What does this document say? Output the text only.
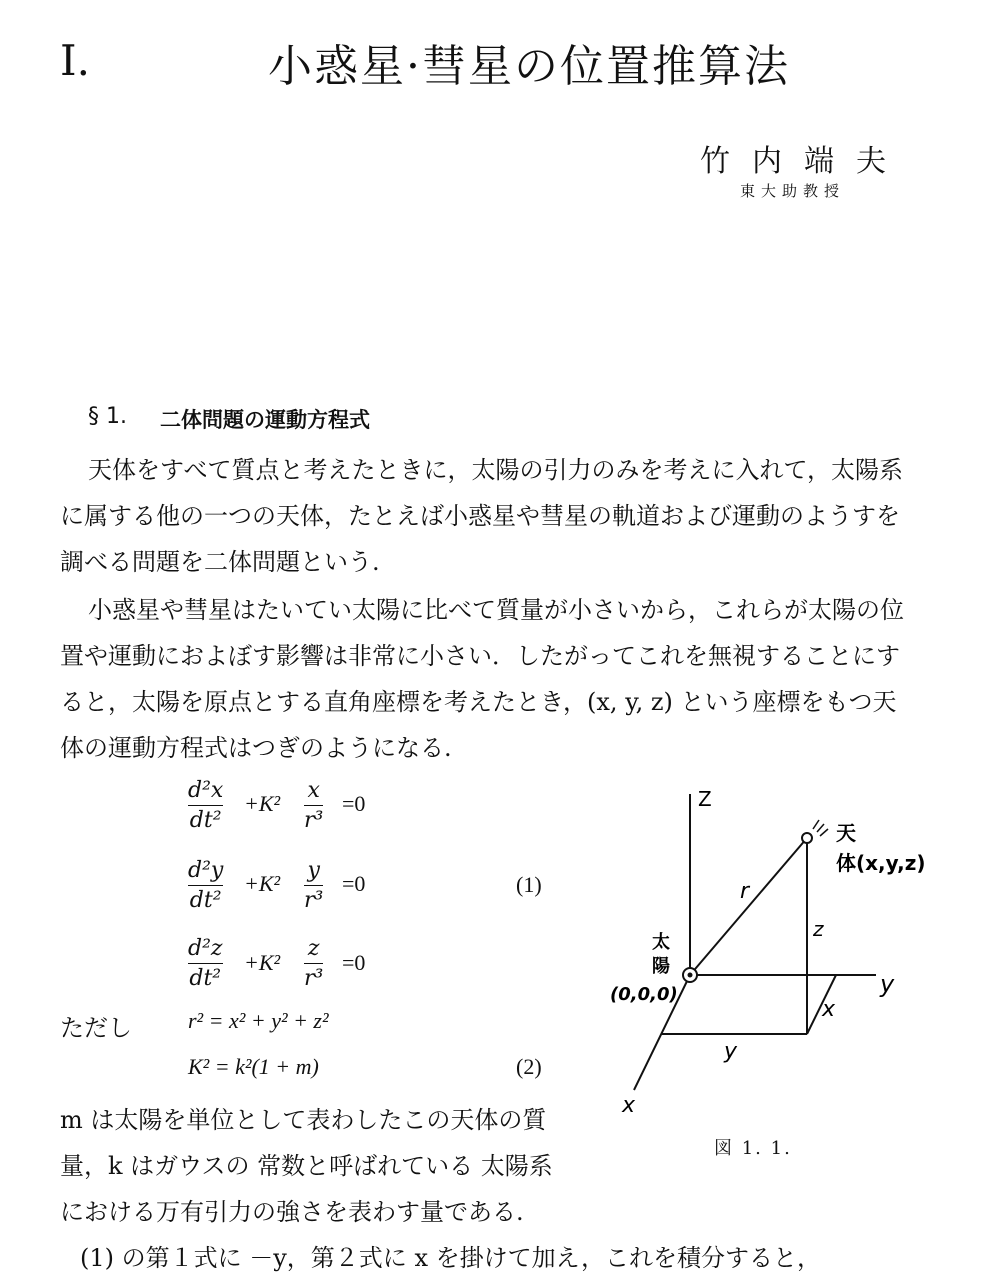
I.	小惑星·彗星の位置推算法
竹内端夫
東大助教授
§ 1. 二体問題の運動方程式
天体をすべて質点と考えたときに，太陽の引力のみを考えに入れて，太陽系
に属する他の一つの天体，たとえば小惑星や彗星の軌道および運動のようすを
調べる問題を二体問題という.
小惑星や彗星はたいてい太陽に比べて質量が小さいから，これらが太陽の位
置や運動におよぼす影響は非常に小さい．したがってこれを無視することにす
ると，太陽を原点とする直角座標を考えたとき，(x, y, z) という座標をもつ天
体の運動方程式はつぎのようになる.
d²x
dt²
+K²
x
r³
=0
d²y
dt²
+K²
y
r³
=0	(1)
d²z
dt²
+K²
z
r³
=0
ただし	r² = x² + y² + z²
K² = k²(1 + m)	(2)
m は太陽を単位として表わしたこの天体の質
量，k はガウスの 常数と呼ばれている 太陽系
における万有引力の強さを表わす量である.
(1) の第１式に －y，第２式に x を掛けて加え，これを積分すると，
Z
y
x
r
z
x
y
天
体(x,y,z)
太
陽
(0,0,0)
図 1. 1.
